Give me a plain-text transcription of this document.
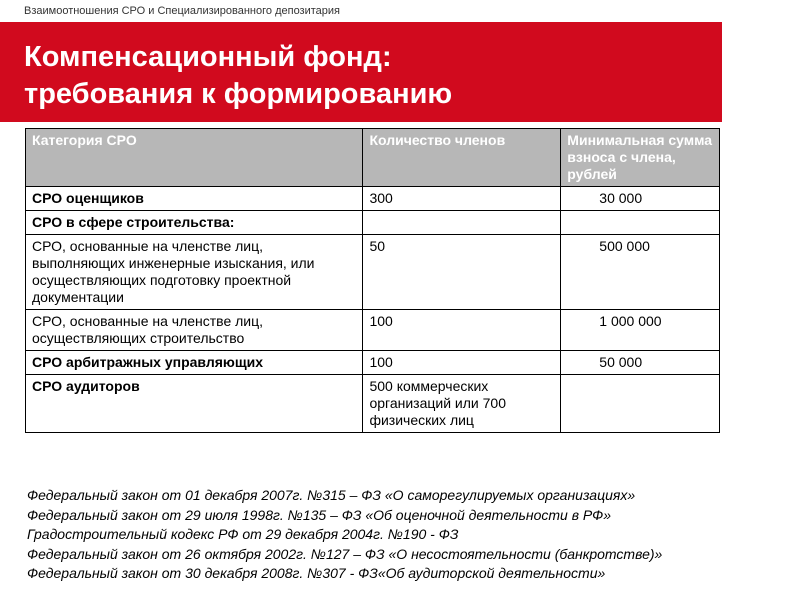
Взаимоотношения СРО и Специализированного депозитария
Компенсационный фонд:
требования к формированию
Категория СРО	Количество членов	Минимальная сумма взноса с члена, рублей
СРО оценщиков	300	30 000
СРО в сфере строительства:		
СРО, основанные на членстве лиц, выполняющих инженерные изыскания, или осуществляющих подготовку проектной документации	50	500 000
СРО, основанные на членстве лиц, осуществляющих строительство	100	1 000 000
СРО арбитражных управляющих	100	50 000
СРО аудиторов	500 коммерческих организаций или 700 физических лиц	
Федеральный закон от 01 декабря 2007г. №315 – ФЗ «О саморегулируемых организациях»
Федеральный закон от 29 июля 1998г. №135 – ФЗ «Об оценочной деятельности в РФ»
Градостроительный кодекс РФ от 29 декабря 2004г. №190 - ФЗ
Федеральный закон от 26 октября 2002г. №127 – ФЗ «О несостоятельности (банкротстве)»
Федеральный закон от 30 декабря 2008г. №307 - ФЗ«Об аудиторской деятельности»
